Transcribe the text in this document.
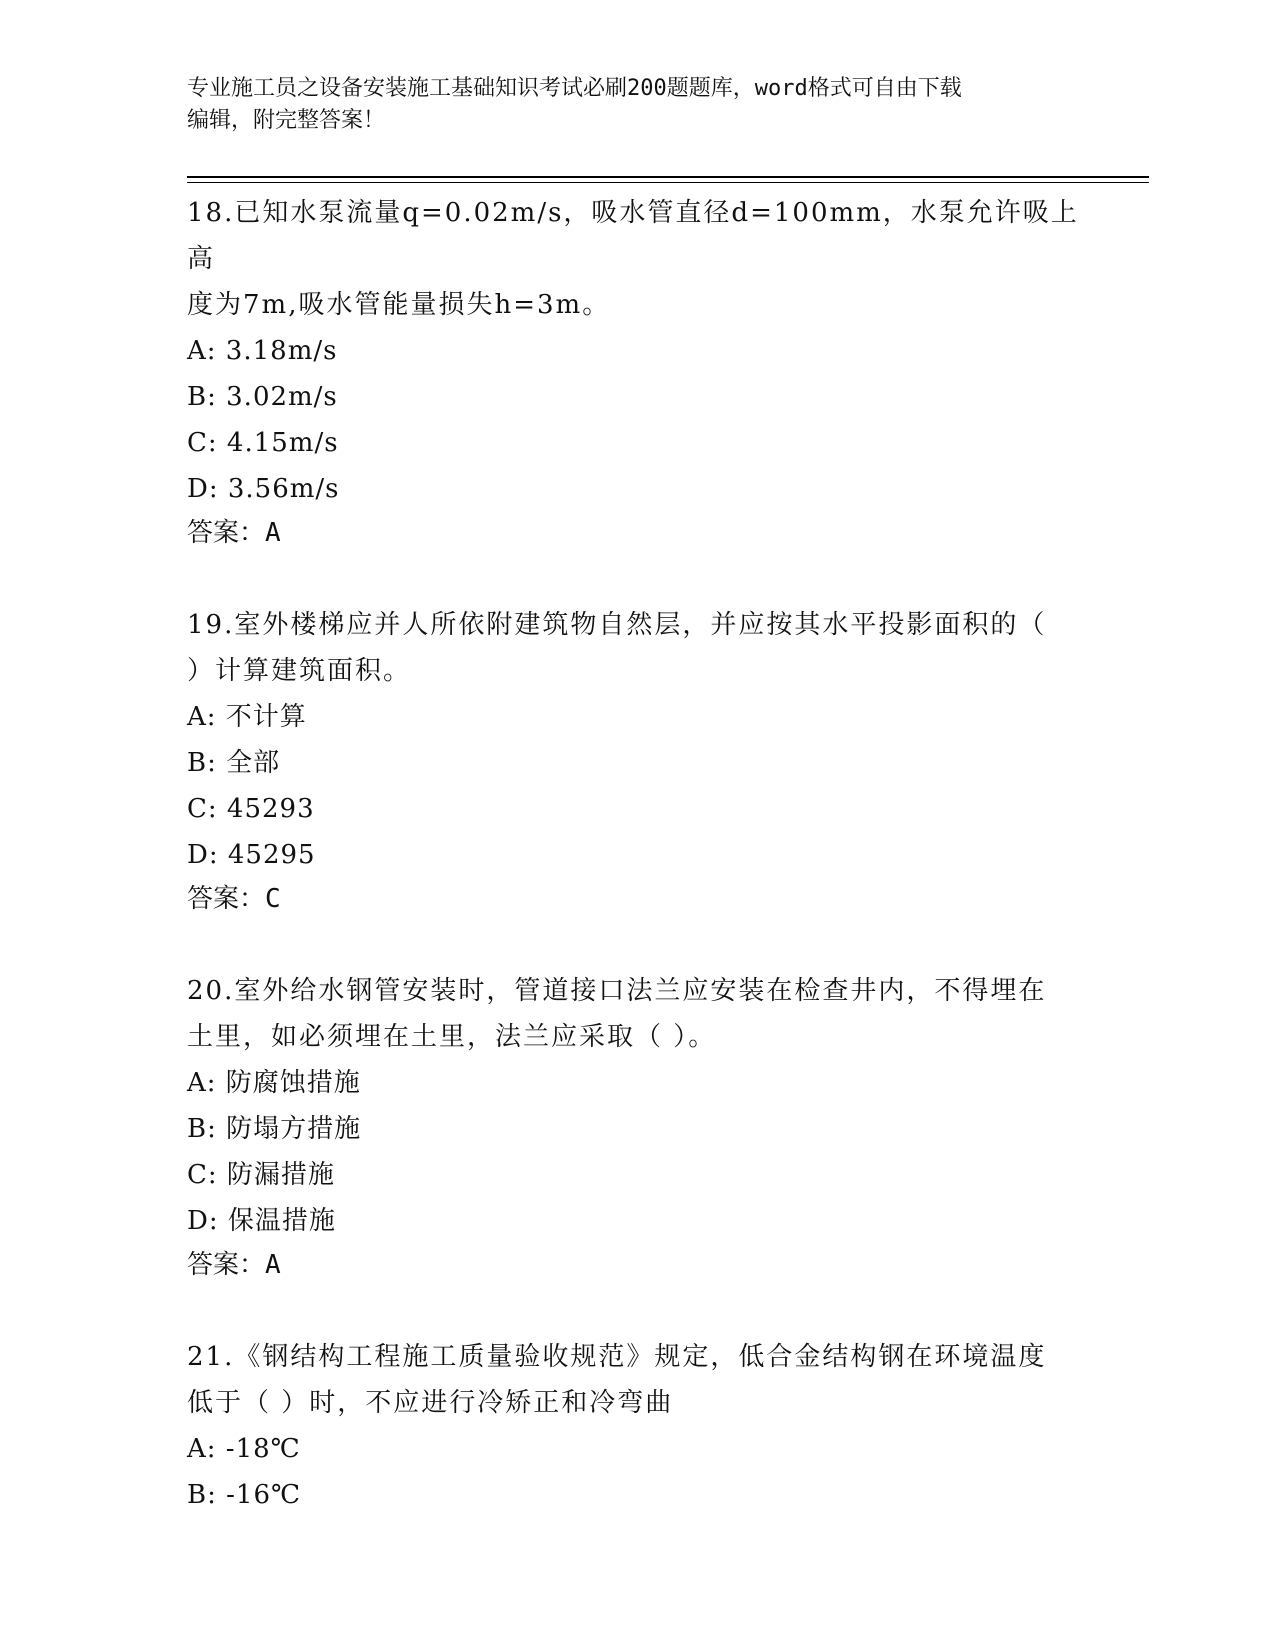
专业施工员之设备安装施工基础知识考试必刷200题题库，word格式可自由下载
编辑，附完整答案！

18.已知水泵流量q=0.02m/s，吸水管直径d=100mm，水泵允许吸上高

度为7m,吸水管能量损失h=3m。

A: 3.18m/s

B: 3.02m/s

C: 4.15m/s

D: 3.56m/s

答案：A

19.室外楼梯应并人所依附建筑物自然层，并应按其水平投影面积的（

）计算建筑面积。

A: 不计算

B: 全部

C: 45293

D: 45295

答案：C

20.室外给水钢管安装时，管道接口法兰应安装在检查井内，不得埋在

土里，如必须埋在土里，法兰应采取（ ）。

A: 防腐蚀措施

B: 防塌方措施

C: 防漏措施

D: 保温措施

答案：A

21.《钢结构工程施工质量验收规范》规定，低合金结构钢在环境温度

低于（ ）时，不应进行冷矫正和冷弯曲

A: -18℃

B: -16℃
